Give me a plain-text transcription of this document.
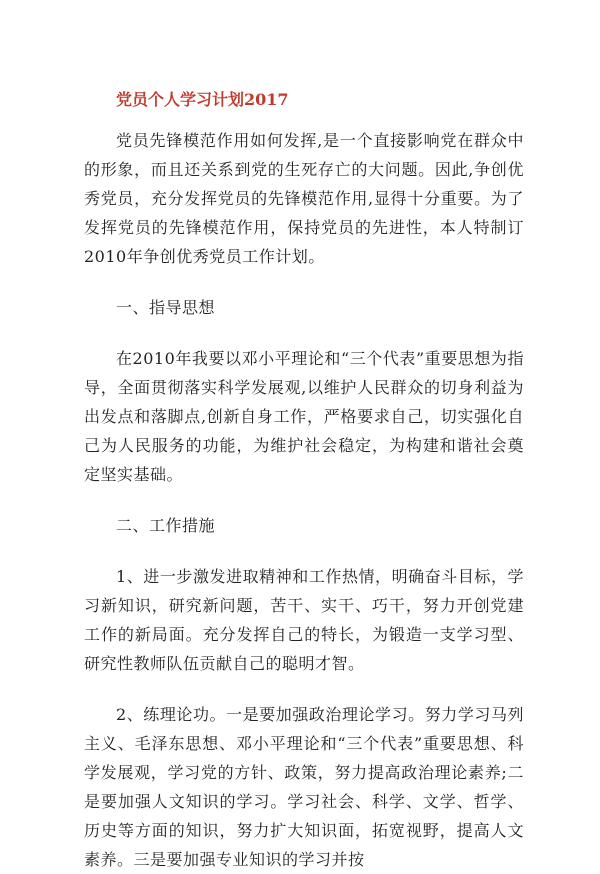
党员个人学习计划2017

党员先锋模范作用如何发挥,是一个直接影响党在群众中的形象，而且还关系到党的生死存亡的大问题。因此,争创优秀党员，充分发挥党员的先锋模范作用,显得十分重要。为了发挥党员的先锋模范作用，保持党员的先进性，本人特制订2010年争创优秀党员工作计划。

一、指导思想

在2010年我要以邓小平理论和“三个代表”重要思想为指导，全面贯彻落实科学发展观,以维护人民群众的切身利益为出发点和落脚点,创新自身工作，严格要求自己，切实强化自己为人民服务的功能，为维护社会稳定，为构建和谐社会奠定坚实基础。

二、工作措施

1、进一步激发进取精神和工作热情，明确奋斗目标，学习新知识，研究新问题，苦干、实干、巧干，努力开创党建工作的新局面。充分发挥自己的特长，为锻造一支学习型、研究性教师队伍贡献自己的聪明才智。

2、练理论功。一是要加强政治理论学习。努力学习马列主义、毛泽东思想、邓小平理论和“三个代表”重要思想、科学发展观，学习党的方针、政策，努力提高政治理论素养;二是要加强人文知识的学习。学习社会、科学、文学、哲学、历史等方面的知识，努力扩大知识面，拓宽视野，提高人文素养。三是要加强专业知识的学习并按
